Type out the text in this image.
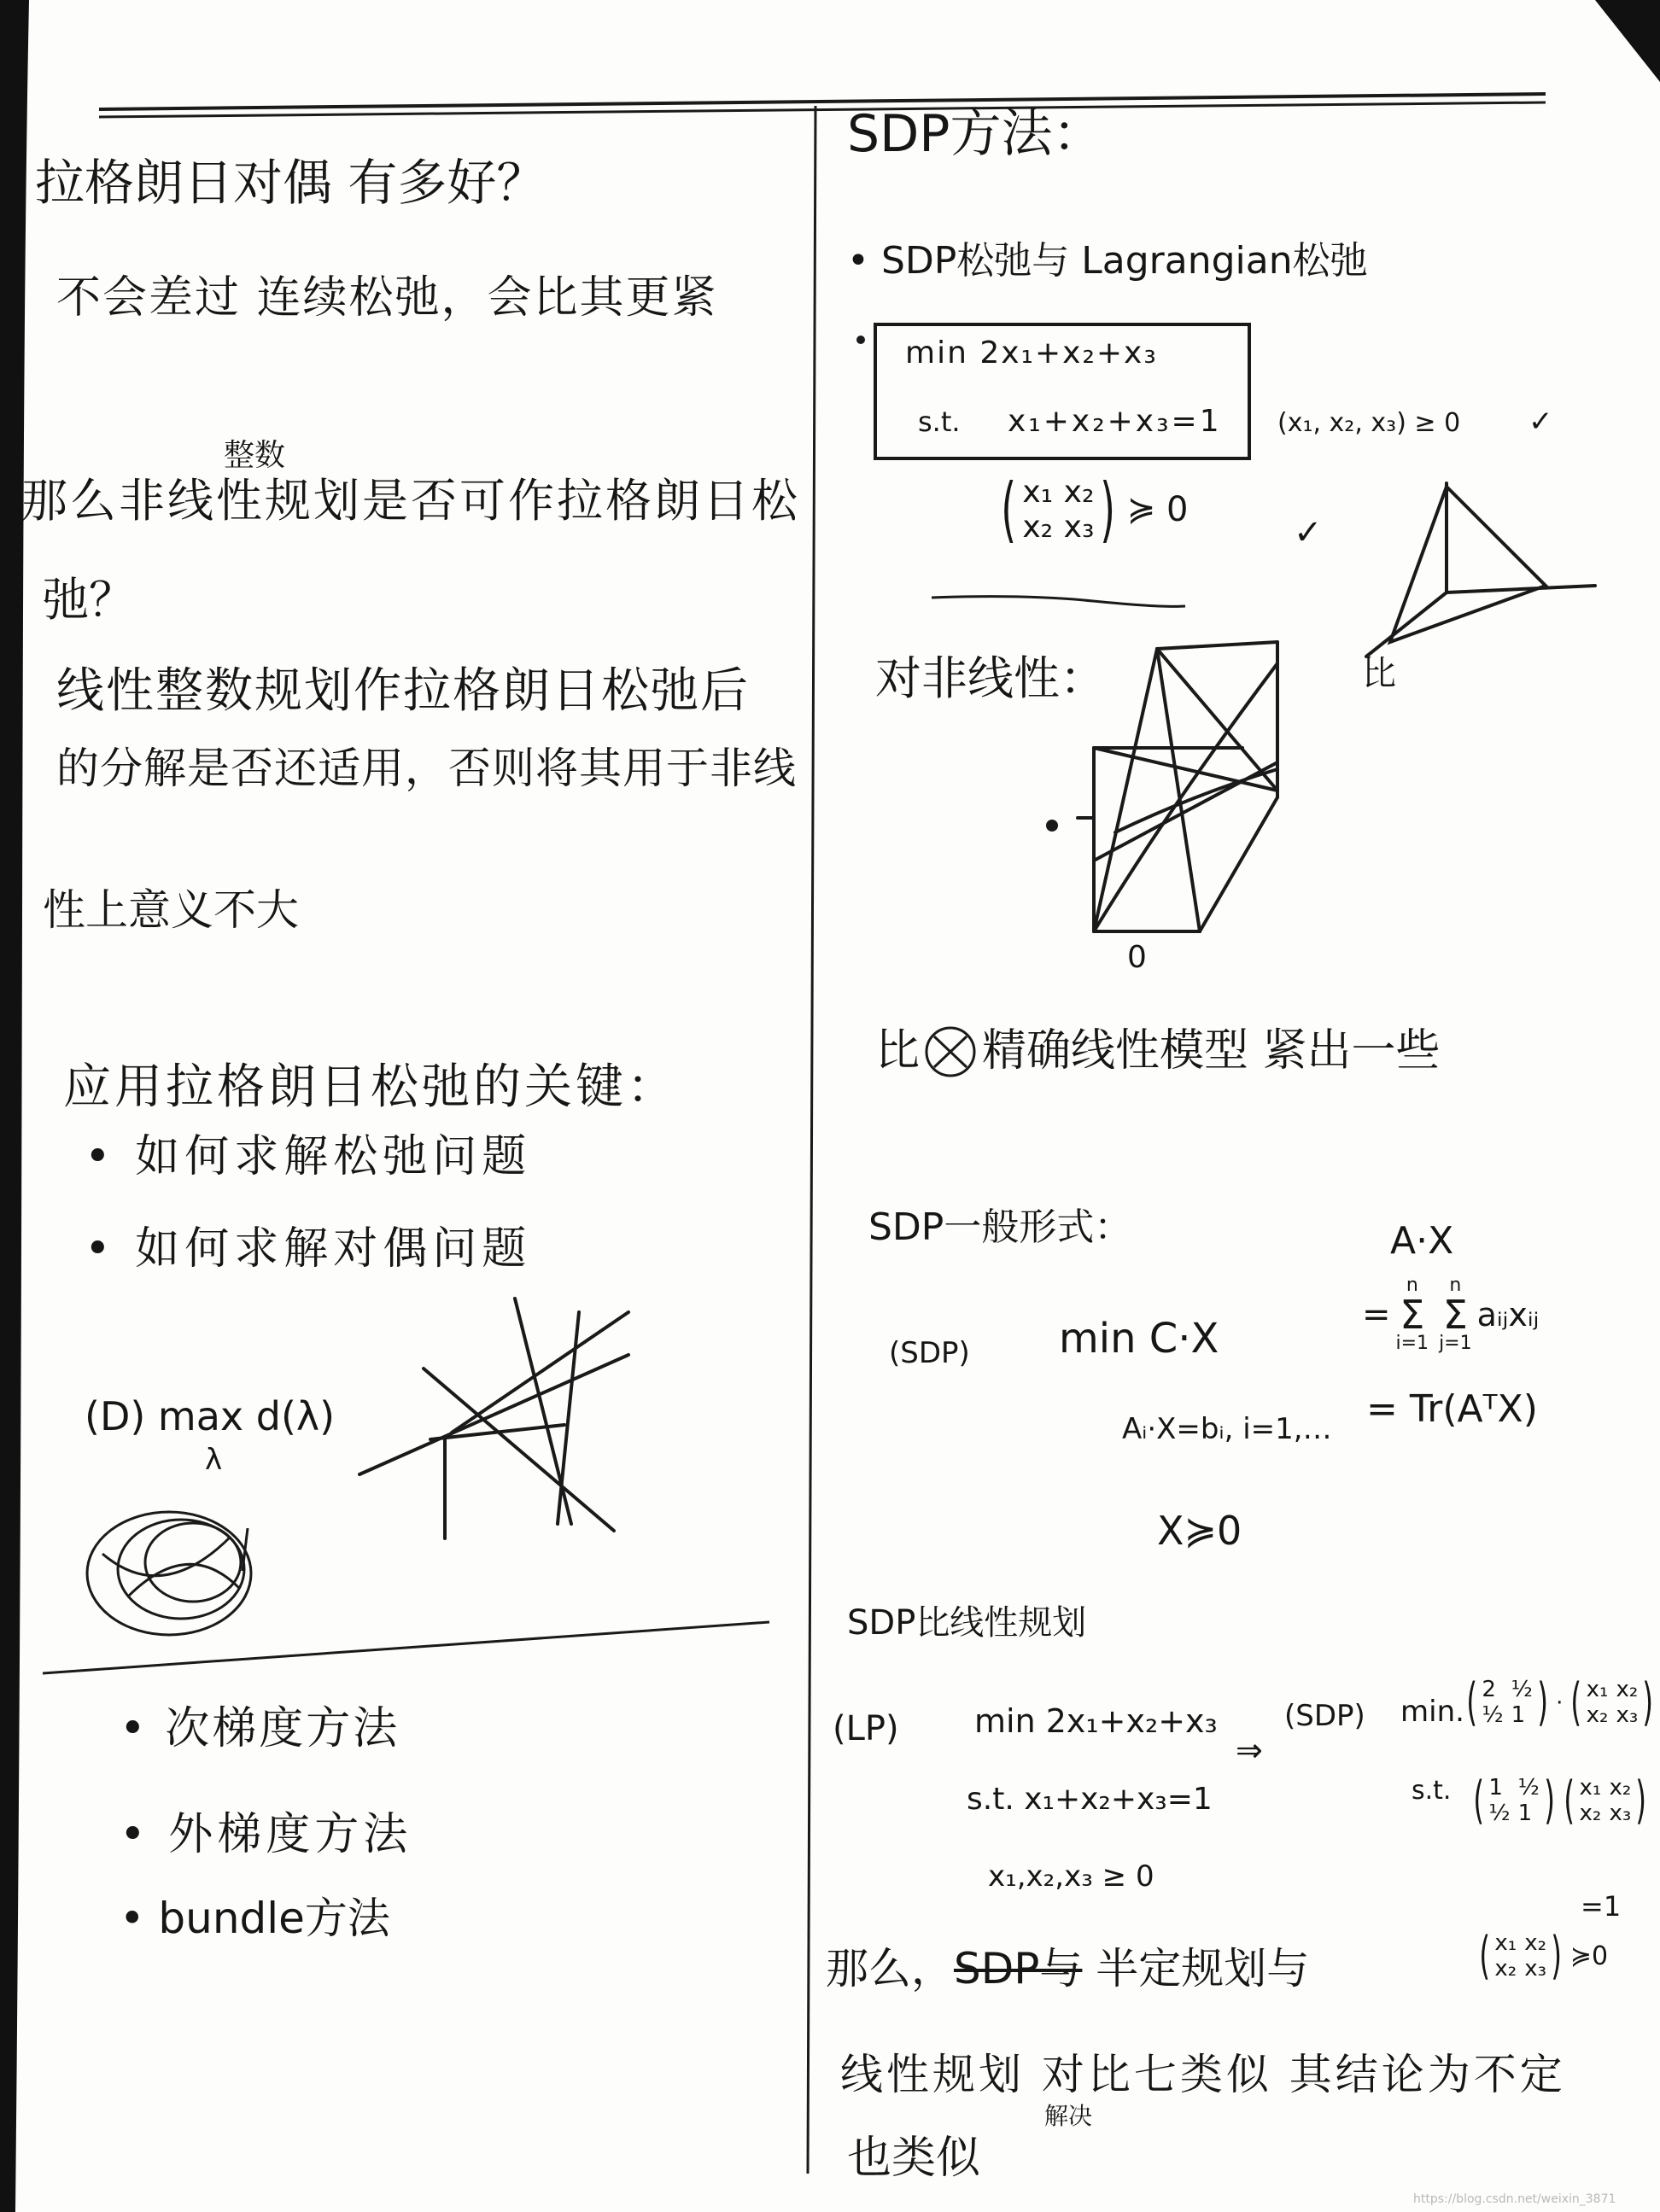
拉格朗日对偶 有多好？
不会差过 连续松弛，会比其更紧
整数
那么非线性规划是否可作拉格朗日松
弛？
线性整数规划作拉格朗日松弛后
的分解是否还适用，否则将其用于非线
性上意义不大
应用拉格朗日松弛的关键：
• 如何求解松弛问题
• 如何求解对偶问题
(D) max d(λ)
λ
• 次梯度方法
• 外梯度方法
• bundle方法
SDP方法：
• SDP松弛与 Lagrangian松弛
min 2x₁+x₂+x₃
s.t. x₁+x₂+x₃=1 (x₁, x₂, x₃) ≥ 0 ✓
( x₁ x₂
x₂ x₃ ) ≽ 0
✓
比
对非线性：
0
比 精确线性模型 紧出一些
SDP一般形式：	A·X
=
n
Σ
i=1
n
Σ
j=1
aᵢⱼxᵢⱼ
(SDP) min C·X
= Tr(AᵀX)
Aᵢ·X=bᵢ, i=1,…
X≽0
SDP比线性规划
(LP) min 2x₁+x₂+x₃
⇒
(SDP) min. ( 2 ½
½ 1 ) · ( x₁ x₂
x₂ x₃ )
s.t. x₁+x₂+x₃=1	s.t. ( 1 ½
½ 1 ) ( x₁ x₂
x₂ x₃ )
=1
x₁,x₂,x₃ ≥ 0
( x₁ x₂
x₂ x₃ ) ≽0
那么，SDP与 半定规划与
线性规划 对比七类似 其结论为不定
解决
也类似
https://blog.csdn.net/weixin_3871
